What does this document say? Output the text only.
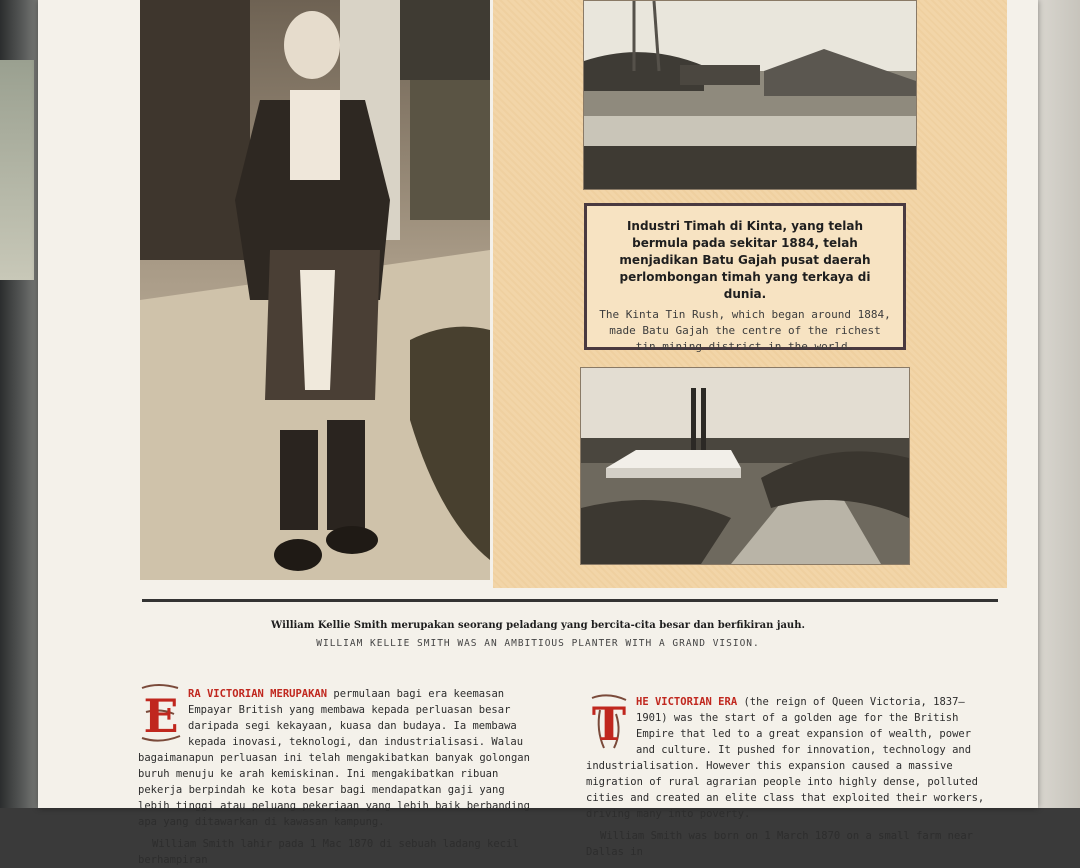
Industri Timah di Kinta, yang telah bermula pada sekitar 1884, telah menjadikan Batu Gajah pusat daerah perlombongan timah yang terkaya di dunia.
The Kinta Tin Rush, which began around 1884, made Batu Gajah the centre of the richest tin mining district in the world.
William Kellie Smith merupakan seorang peladang yang bercita-cita besar dan berfikiran jauh.
WILLIAM KELLIE SMITH WAS AN AMBITIOUS PLANTER WITH A GRAND VISION.
E RA VICTORIAN MERUPAKAN permulaan bagi era keemasan Empayar British yang membawa kepada perluasan besar daripada segi kekayaan, kuasa dan budaya. Ia membawa kepada inovasi, teknologi, dan industrialisasi. Walau bagaimanapun perluasan ini telah mengakibatkan banyak golongan buruh menuju ke arah kemiskinan. Ini mengakibatkan ribuan pekerja berpindah ke kota besar bagi mendapatkan gaji yang lebih tinggi atau peluang pekerjaan yang lebih baik berbanding apa yang ditawarkan di kawasan kampung.
William Smith lahir pada 1 Mac 1870 di sebuah ladang kecil berhampiran
T HE VICTORIAN ERA (the reign of Queen Victoria, 1837–1901) was the start of a golden age for the British Empire that led to a great expansion of wealth, power and culture. It pushed for innovation, technology and industrialisation. However this expansion caused a massive migration of rural agrarian people into highly dense, polluted cities and created an elite class that exploited their workers, driving many into poverty.
William Smith was born on 1 March 1870 on a small farm near Dallas in
